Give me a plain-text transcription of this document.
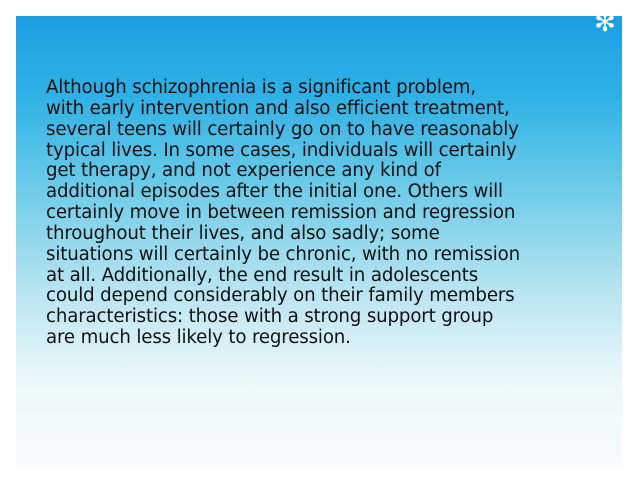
✻

Although schizophrenia is a significant problem,
with early intervention and also efficient treatment,
several teens will certainly go on to have reasonably
typical lives. In some cases, individuals will certainly
get therapy, and not experience any kind of
additional episodes after the initial one. Others will
certainly move in between remission and regression
throughout their lives, and also sadly; some
situations will certainly be chronic, with no remission
at all. Additionally, the end result in adolescents
could depend considerably on their family members
characteristics: those with a strong support group
are much less likely to regression.
